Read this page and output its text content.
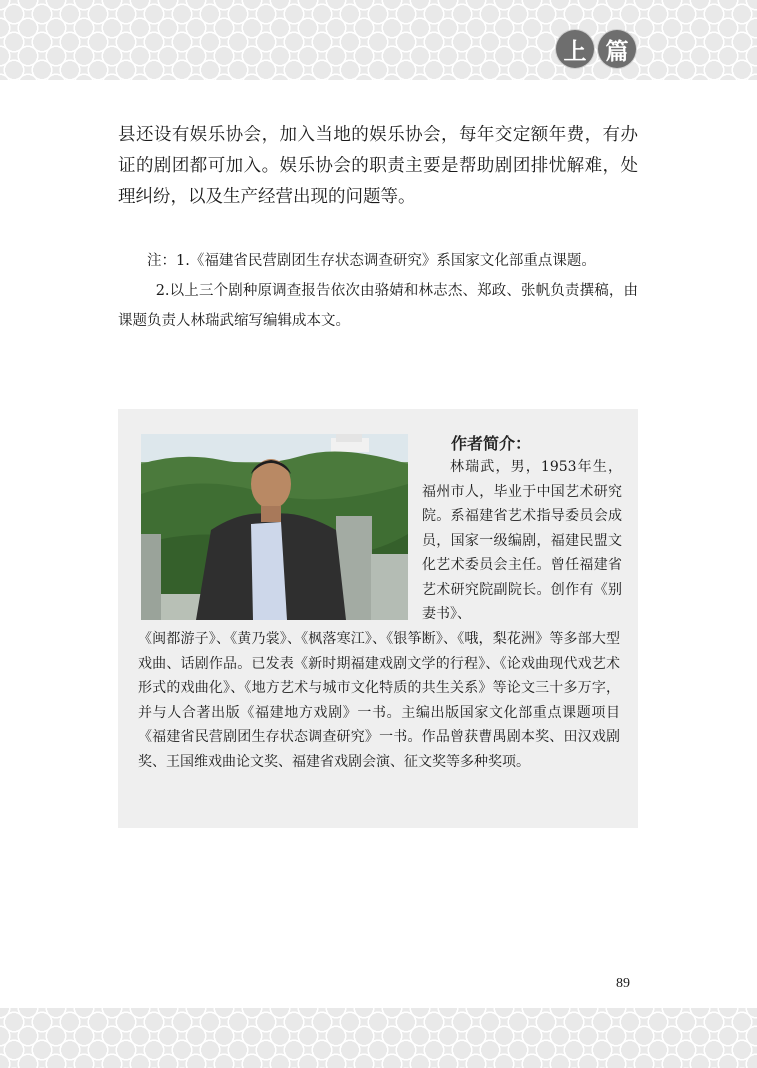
上 篇

县还设有娱乐协会，加入当地的娱乐协会，每年交定额年费，有办证的剧团都可加入。娱乐协会的职责主要是帮助剧团排忧解难，处理纠纷，以及生产经营出现的问题等。

注：1.《福建省民营剧团生存状态调查研究》系国家文化部重点课题。

2.以上三个剧种原调查报告依次由骆婧和林志杰、郑政、张帆负责撰稿，由课题负责人林瑞武缩写编辑成本文。

作者简介：

林瑞武，男，1953年生，福州市人，毕业于中国艺术研究院。系福建省艺术指导委员会成员，国家一级编剧，福建民盟文化艺术委员会主任。曾任福建省艺术研究院副院长。创作有《别妻书》、

《闽都游子》、《黄乃裳》、《枫落寒江》、《银筝断》、《哦，梨花洲》等多部大型戏曲、话剧作品。已发表《新时期福建戏剧文学的行程》、《论戏曲现代戏艺术形式的戏曲化》、《地方艺术与城市文化特质的共生关系》等论文三十多万字，并与人合著出版《福建地方戏剧》一书。主编出版国家文化部重点课题项目《福建省民营剧团生存状态调查研究》一书。作品曾获曹禺剧本奖、田汉戏剧奖、王国维戏曲论文奖、福建省戏剧会演、征文奖等多种奖项。

89
